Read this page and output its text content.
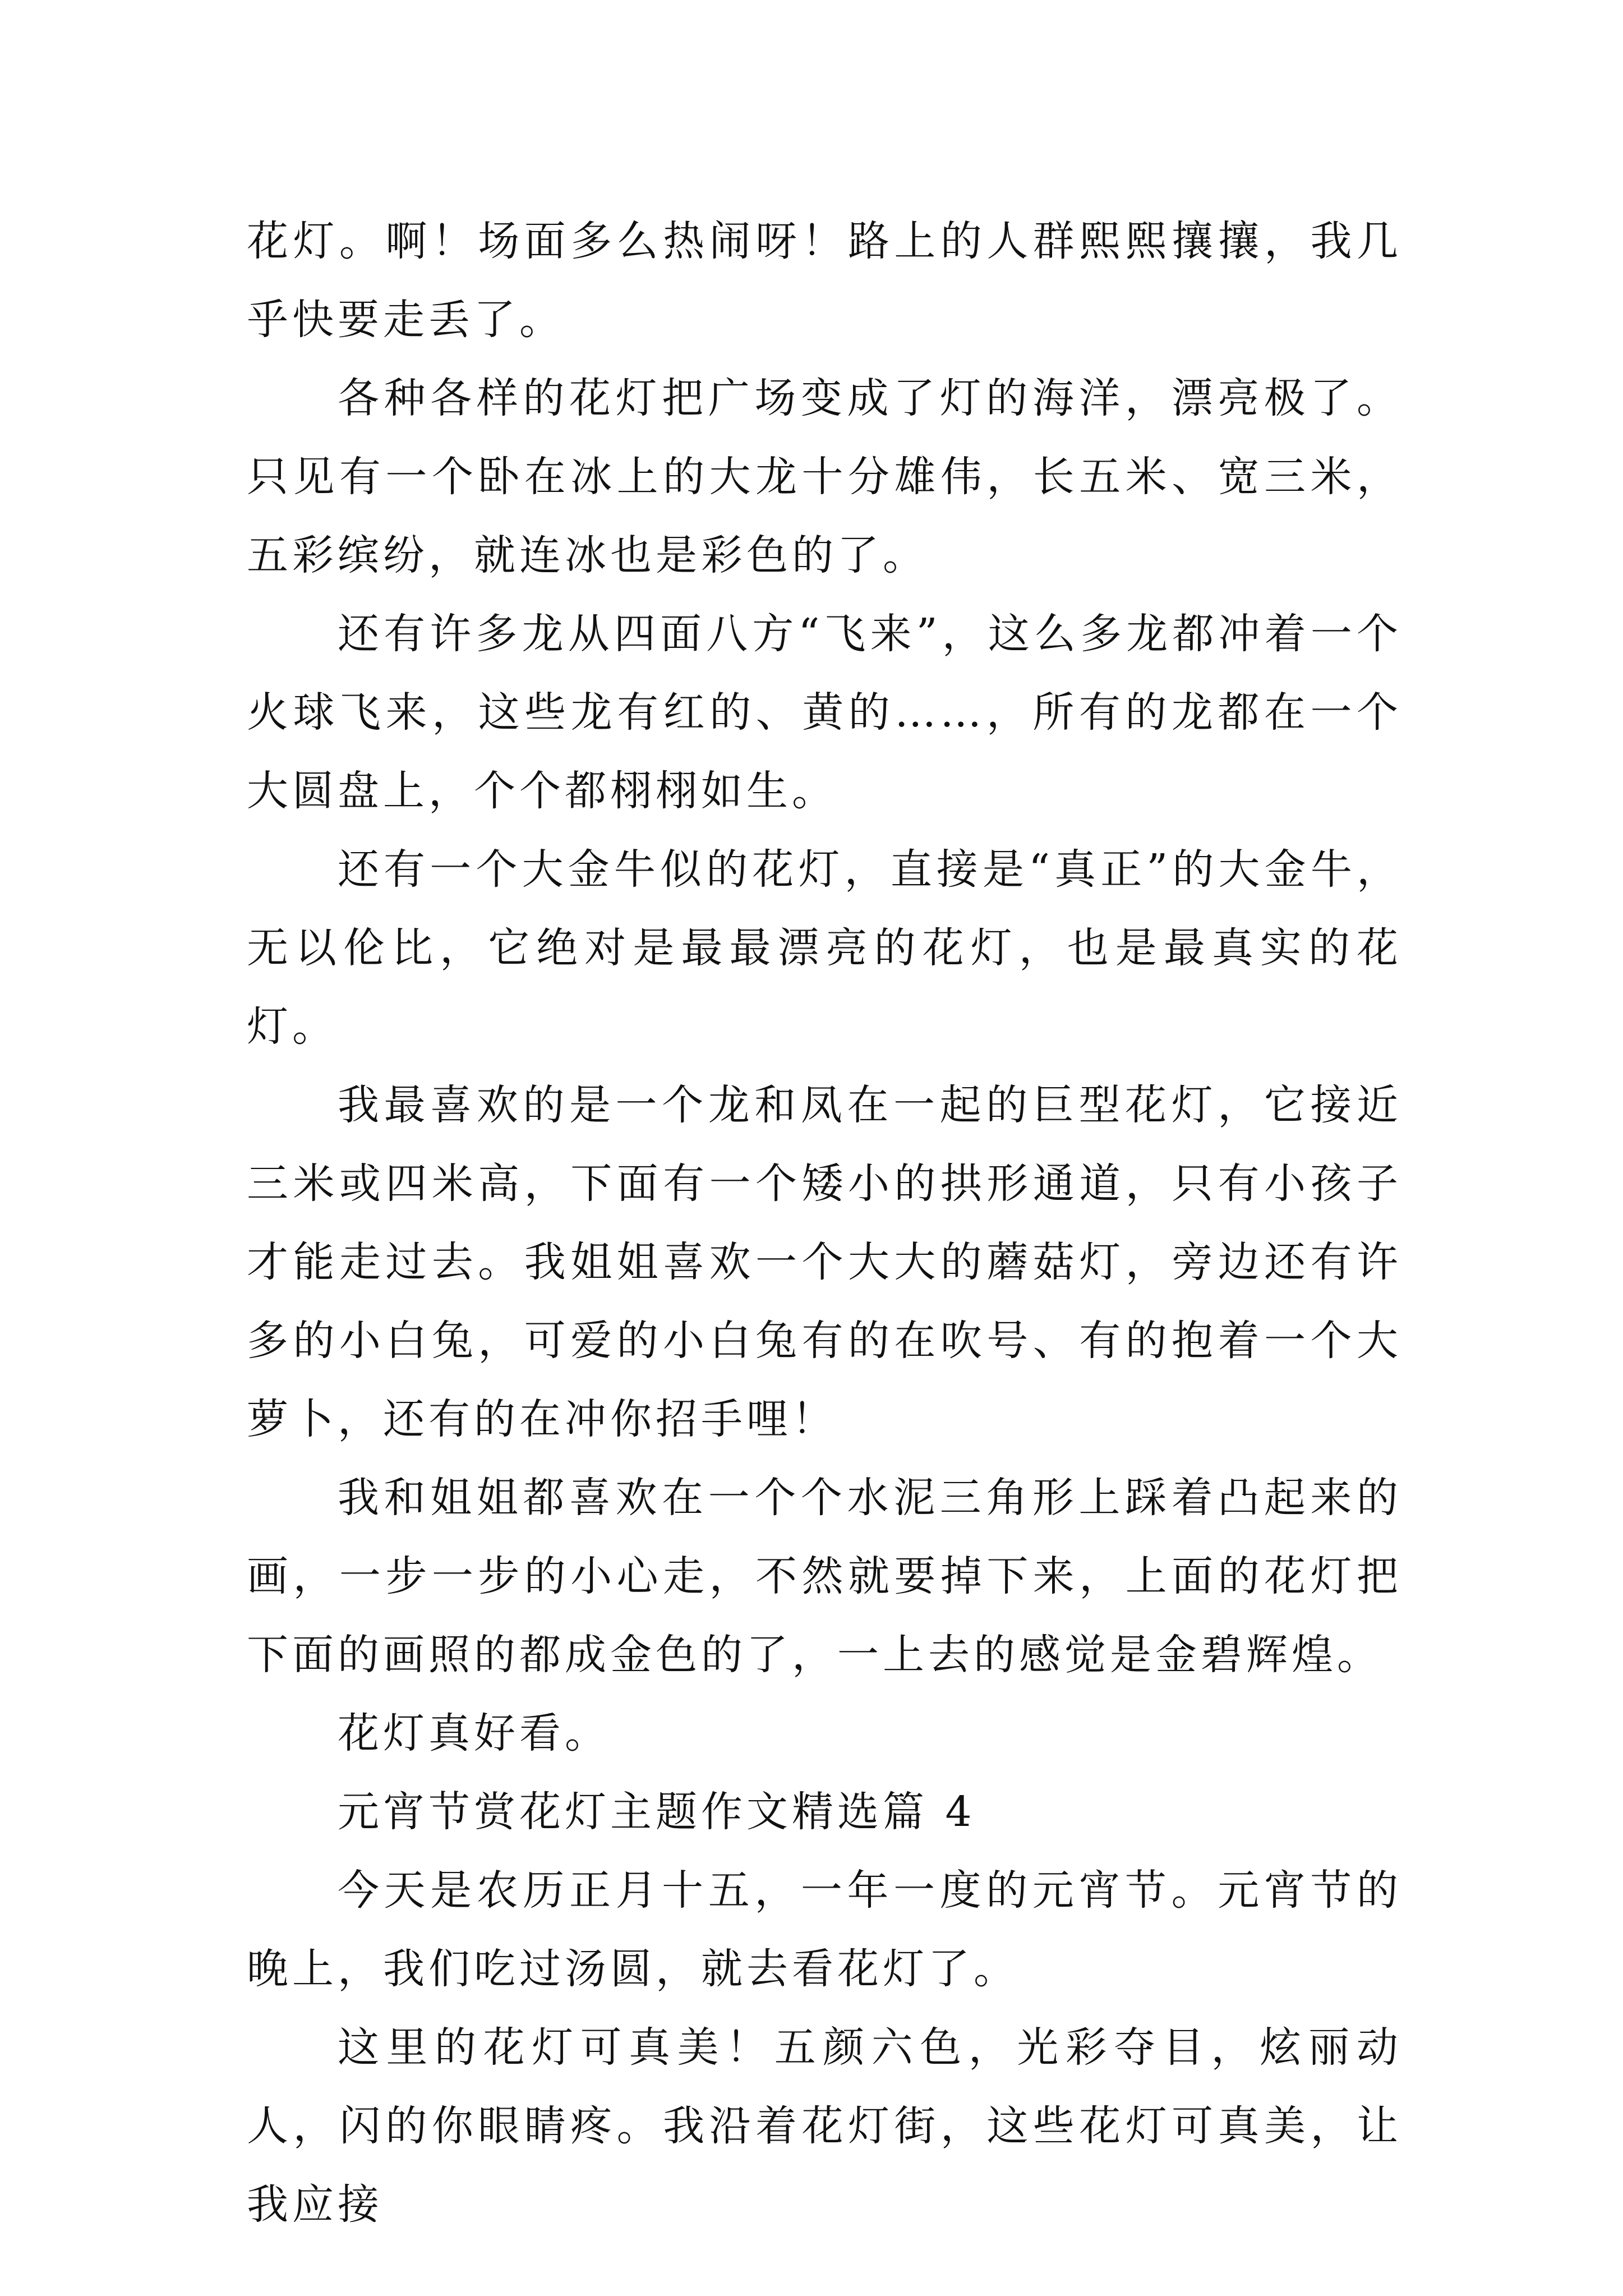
花灯。啊！场面多么热闹呀！路上的人群熙熙攘攘，我几乎快要走丢了。

各种各样的花灯把广场变成了灯的海洋，漂亮极了。只见有一个卧在冰上的大龙十分雄伟，长五米、宽三米，五彩缤纷，就连冰也是彩色的了。

还有许多龙从四面八方“飞来”，这么多龙都冲着一个火球飞来，这些龙有红的、黄的……，所有的龙都在一个大圆盘上，个个都栩栩如生。

还有一个大金牛似的花灯，直接是“真正”的大金牛，无以伦比，它绝对是最最漂亮的花灯，也是最真实的花灯。

我最喜欢的是一个龙和凤在一起的巨型花灯，它接近三米或四米高，下面有一个矮小的拱形通道，只有小孩子才能走过去。我姐姐喜欢一个大大的蘑菇灯，旁边还有许多的小白兔，可爱的小白兔有的在吹号、有的抱着一个大萝卜，还有的在冲你招手哩！

我和姐姐都喜欢在一个个水泥三角形上踩着凸起来的画，一步一步的小心走，不然就要掉下来，上面的花灯把下面的画照的都成金色的了，一上去的感觉是金碧辉煌。

花灯真好看。

元宵节赏花灯主题作文精选篇 4

今天是农历正月十五，一年一度的元宵节。元宵节的晚上，我们吃过汤圆，就去看花灯了。

这里的花灯可真美！五颜六色，光彩夺目，炫丽动人，闪的你眼睛疼。我沿着花灯街，这些花灯可真美，让我应接
